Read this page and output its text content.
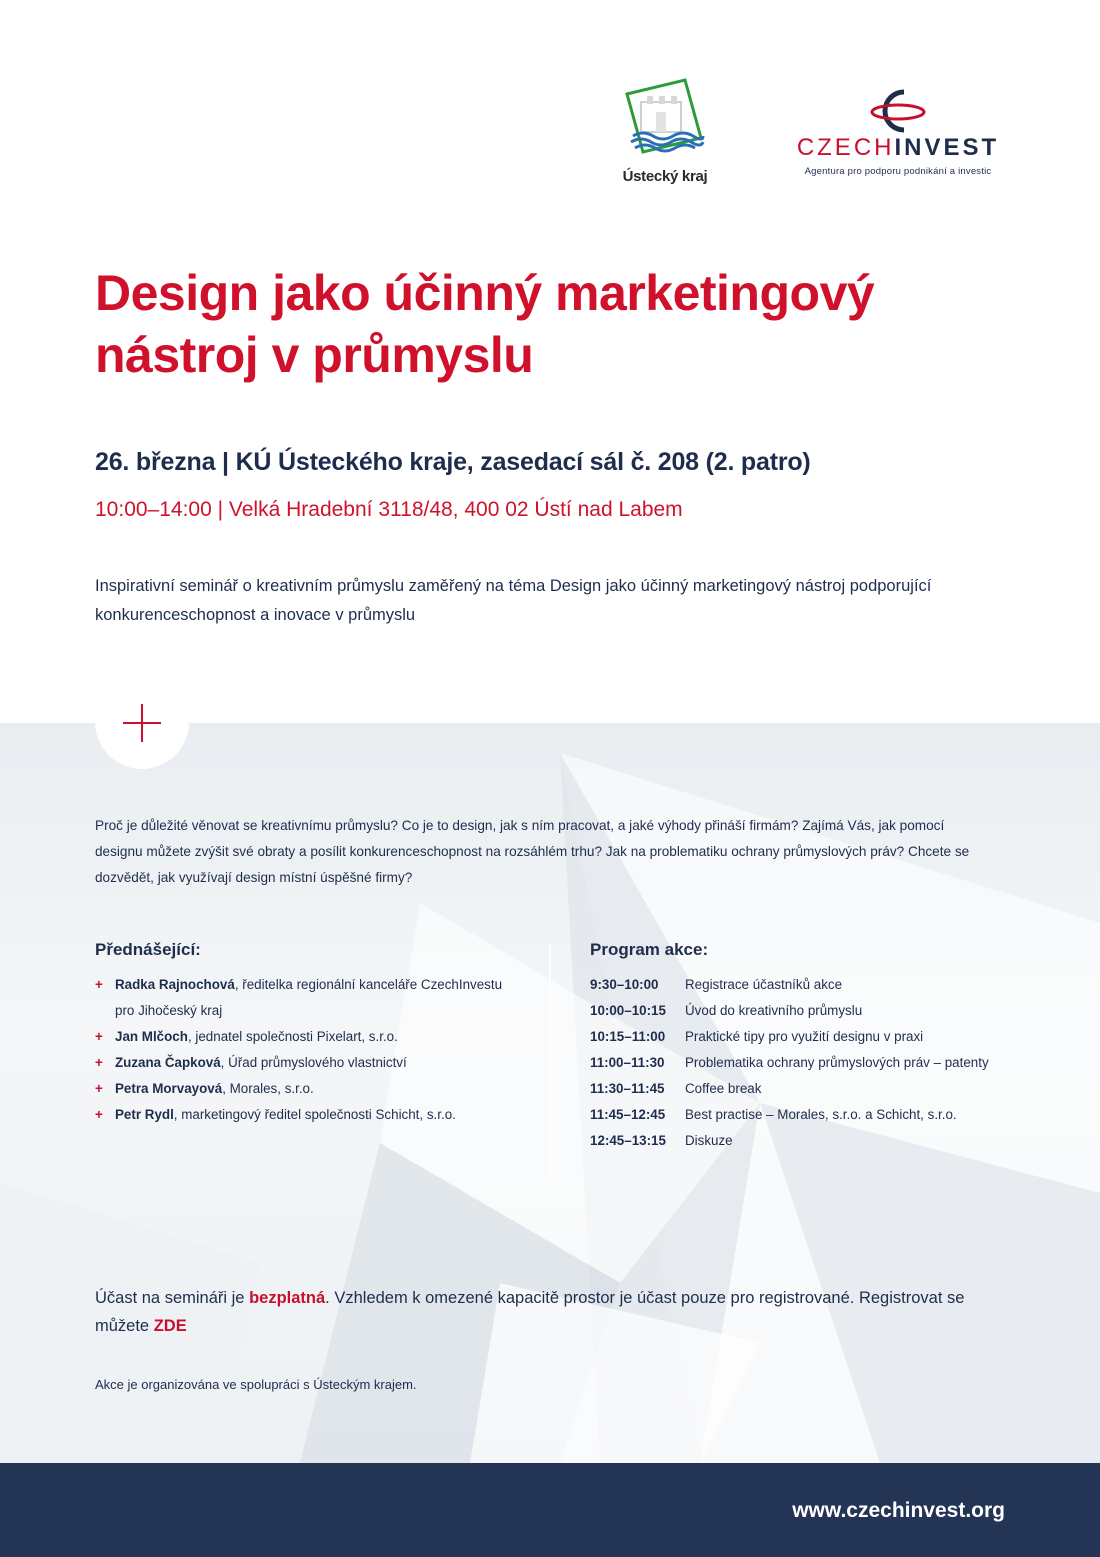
Ústecký kraj
CZECHINVEST
Agentura pro podporu podnikání a investic
Design jako účinný marketingový nástroj v průmyslu
26. března | KÚ Ústeckého kraje, zasedací sál č. 208 (2. patro)
10:00–14:00 | Velká Hradební 3118/48, 400 02 Ústí nad Labem

Inspirativní seminář o kreativním průmyslu zaměřený na téma Design jako účinný marketingový nástroj podporující konkurenceschopnost a inovace v průmyslu

Proč je důležité věnovat se kreativnímu průmyslu? Co je to design, jak s ním pracovat, a jaké výhody přináší firmám? Zajímá Vás, jak pomocí designu můžete zvýšit své obraty a posílit konkurenceschopnost na rozsáhlém trhu? Jak na problematiku ochrany průmyslových práv? Chcete se dozvědět, jak využívají design místní úspěšné firmy?

Přednášející:
+ Radka Rajnochová, ředitelka regionální kanceláře CzechInvestu pro Jihočeský kraj
+ Jan Mlčoch, jednatel společnosti Pixelart, s.r.o.
+ Zuzana Čapková, Úřad průmyslového vlastnictví
+ Petra Morvayová, Morales, s.r.o.
+ Petr Rydl, marketingový ředitel společnosti Schicht, s.r.o.
Program akce:
9:30–10:00	Registrace účastníků akce
10:00–10:15	Úvod do kreativního průmyslu
10:15–11:00	Praktické tipy pro využití designu v praxi
11:00–11:30	Problematika ochrany průmyslových práv – patenty
11:30–11:45	Coffee break
11:45–12:45	Best practise – Morales, s.r.o. a Schicht, s.r.o.
12:45–13:15	Diskuze

Účast na semináři je bezplatná. Vzhledem k omezené kapacitě prostor je účast pouze pro registrované. Registrovat se můžete ZDE

Akce je organizována ve spolupráci s Ústeckým krajem.

www.czechinvest.org
